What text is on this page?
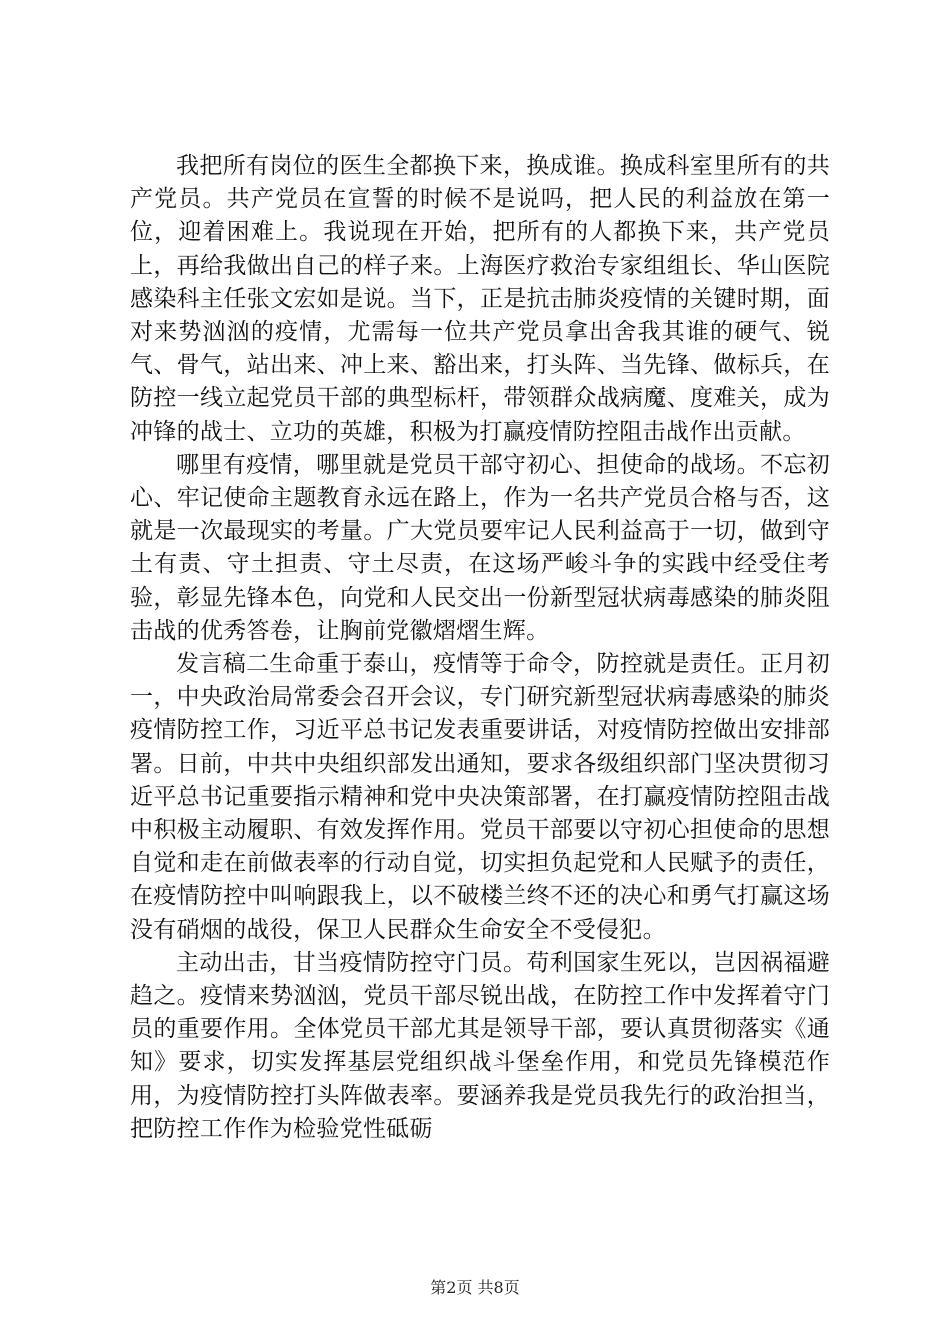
我把所有岗位的医生全都换下来，换成谁。换成科室里所有的共产党员。共产党员在宣誓的时候不是说吗，把人民的利益放在第一位，迎着困难上。我说现在开始，把所有的人都换下来，共产党员上，再给我做出自己的样子来。上海医疗救治专家组组长、华山医院感染科主任张文宏如是说。当下，正是抗击肺炎疫情的关键时期，面对来势汹汹的疫情，尤需每一位共产党员拿出舍我其谁的硬气、锐气、骨气，站出来、冲上来、豁出来，打头阵、当先锋、做标兵，在防控一线立起党员干部的典型标杆，带领群众战病魔、度难关，成为冲锋的战士、立功的英雄，积极为打赢疫情防控阻击战作出贡献。

哪里有疫情，哪里就是党员干部守初心、担使命的战场。不忘初心、牢记使命主题教育永远在路上，作为一名共产党员合格与否，这就是一次最现实的考量。广大党员要牢记人民利益高于一切，做到守土有责、守土担责、守土尽责，在这场严峻斗争的实践中经受住考验，彰显先锋本色，向党和人民交出一份新型冠状病毒感染的肺炎阻击战的优秀答卷，让胸前党徽熠熠生辉。

发言稿二生命重于泰山，疫情等于命令，防控就是责任。正月初一，中央政治局常委会召开会议，专门研究新型冠状病毒感染的肺炎疫情防控工作，习近平总书记发表重要讲话，对疫情防控做出安排部署。日前，中共中央组织部发出通知，要求各级组织部门坚决贯彻习近平总书记重要指示精神和党中央决策部署，在打赢疫情防控阻击战中积极主动履职、有效发挥作用。党员干部要以守初心担使命的思想自觉和走在前做表率的行动自觉，切实担负起党和人民赋予的责任，在疫情防控中叫响跟我上，以不破楼兰终不还的决心和勇气打赢这场没有硝烟的战役，保卫人民群众生命安全不受侵犯。

主动出击，甘当疫情防控守门员。苟利国家生死以，岂因祸福避趋之。疫情来势汹汹，党员干部尽锐出战，在防控工作中发挥着守门员的重要作用。全体党员干部尤其是领导干部，要认真贯彻落实《通知》要求，切实发挥基层党组织战斗堡垒作用，和党员先锋模范作用，为疫情防控打头阵做表率。要涵养我是党员我先行的政治担当，把防控工作作为检验党性砥砺

第2页 共8页
